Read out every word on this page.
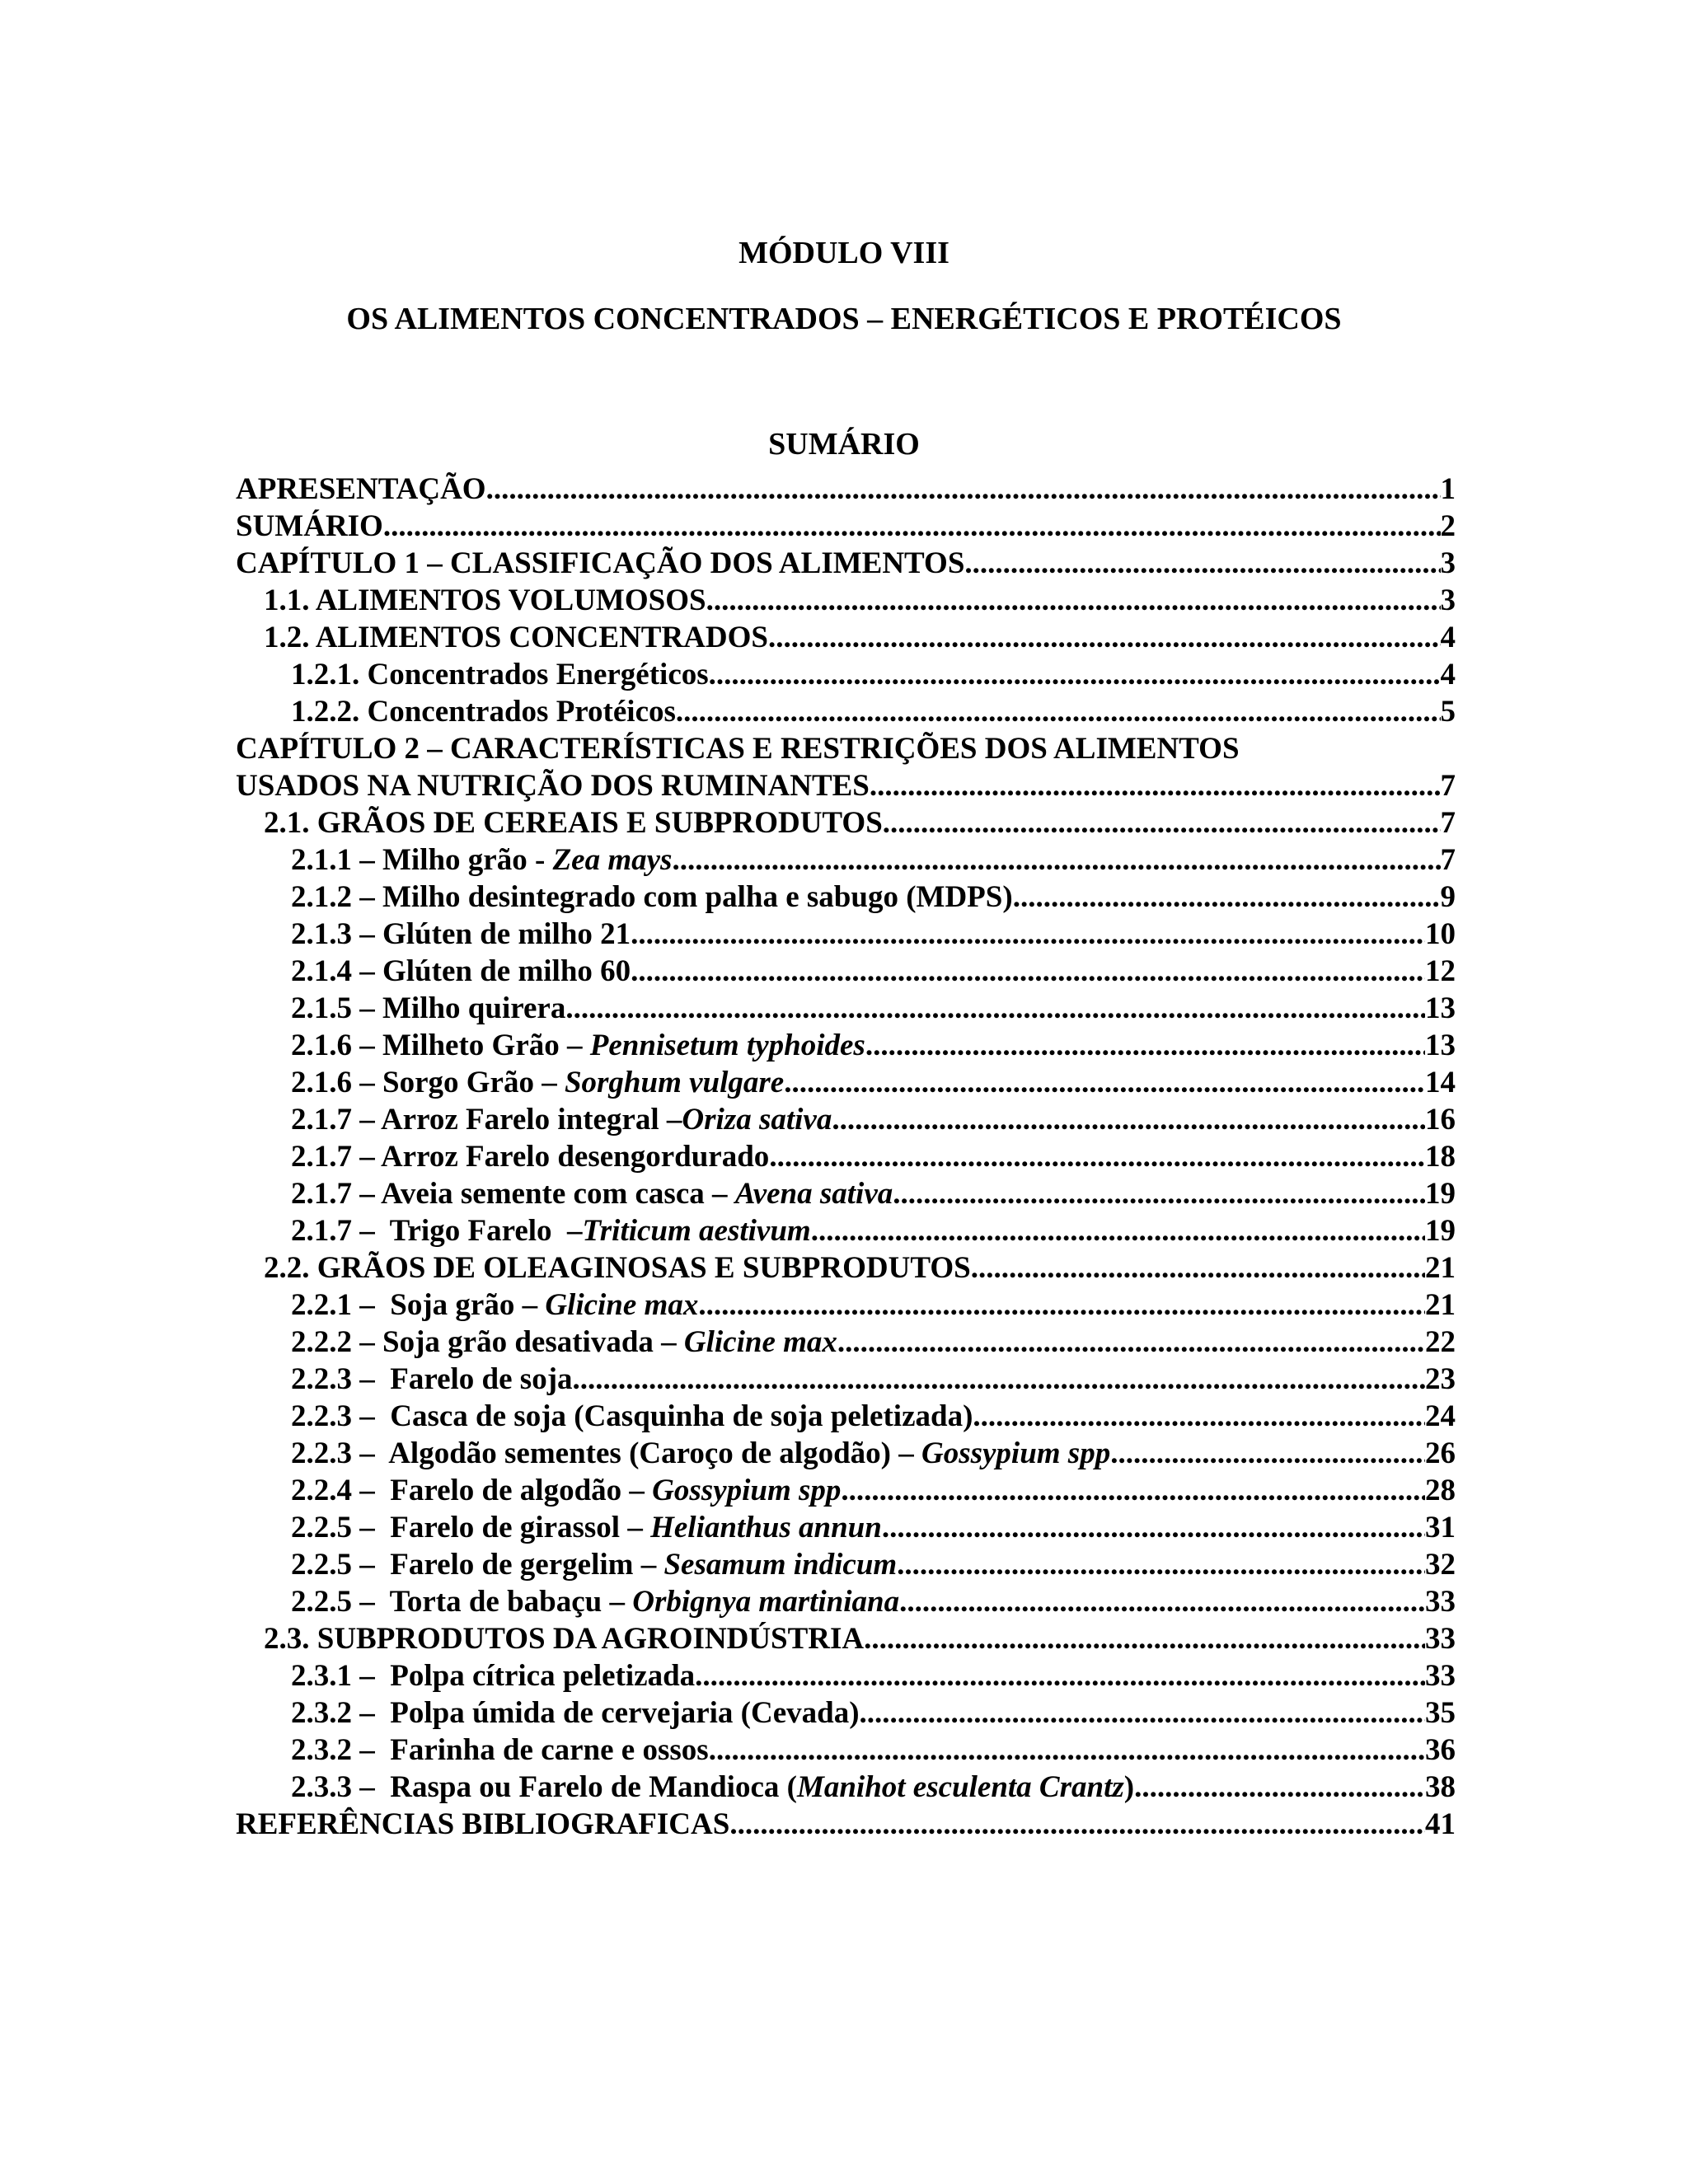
MÓDULO VIII
OS ALIMENTOS CONCENTRADOS – ENERGÉTICOS E PROTÉICOS
SUMÁRIO
APRESENTAÇÃO .....	1
SUMÁRIO .....	2
CAPÍTULO 1 – CLASSIFICAÇÃO DOS ALIMENTOS .....	3
1.1. ALIMENTOS VOLUMOSOS .....	3
1.2. ALIMENTOS CONCENTRADOS .....	4
1.2.1. Concentrados Energéticos .....	4
1.2.2. Concentrados Protéicos .....	5
CAPÍTULO 2 – CARACTERÍSTICAS E RESTRIÇÕES DOS ALIMENTOS
USADOS NA NUTRIÇÃO DOS RUMINANTES .....	7
2.1. GRÃOS DE CEREAIS E SUBPRODUTOS .....	7
2.1.1 – Milho grão - Zea mays .....	7
2.1.2 – Milho desintegrado com palha e sabugo (MDPS) .....	9
2.1.3 – Glúten de milho 21 .....	10
2.1.4 – Glúten de milho 60 .....	12
2.1.5 – Milho quirera .....	13
2.1.6 – Milheto Grão – Pennisetum typhoides .....	13
2.1.6 – Sorgo Grão – Sorghum vulgare .....	14
2.1.7 – Arroz Farelo integral –Oriza sativa .....	16
2.1.7 – Arroz Farelo desengordurado .....	18
2.1.7 – Aveia semente com casca – Avena sativa .....	19
2.1.7 –  Trigo Farelo  –Triticum aestivum .....	19
2.2. GRÃOS DE OLEAGINOSAS E SUBPRODUTOS .....	21
2.2.1 –  Soja grão – Glicine max .....	21
2.2.2 – Soja grão desativada – Glicine max .....	22
2.2.3 –  Farelo de soja .....	23
2.2.3 –  Casca de soja (Casquinha de soja peletizada) .....	24
2.2.3 –  Algodão sementes (Caroço de algodão) – Gossypium spp .....	26
2.2.4 –  Farelo de algodão – Gossypium spp .....	28
2.2.5 –  Farelo de girassol – Helianthus annun .....	31
2.2.5 –  Farelo de gergelim – Sesamum indicum .....	32
2.2.5 –  Torta de babaçu – Orbignya martiniana .....	33
2.3. SUBPRODUTOS DA AGROINDÚSTRIA .....	33
2.3.1 –  Polpa cítrica peletizada .....	33
2.3.2 –  Polpa úmida de cervejaria (Cevada) .....	35
2.3.2 –  Farinha de carne e ossos .....	36
2.3.3 –  Raspa ou Farelo de Mandioca (Manihot esculenta Crantz) .....	38
REFERÊNCIAS BIBLIOGRAFICAS .....	41
